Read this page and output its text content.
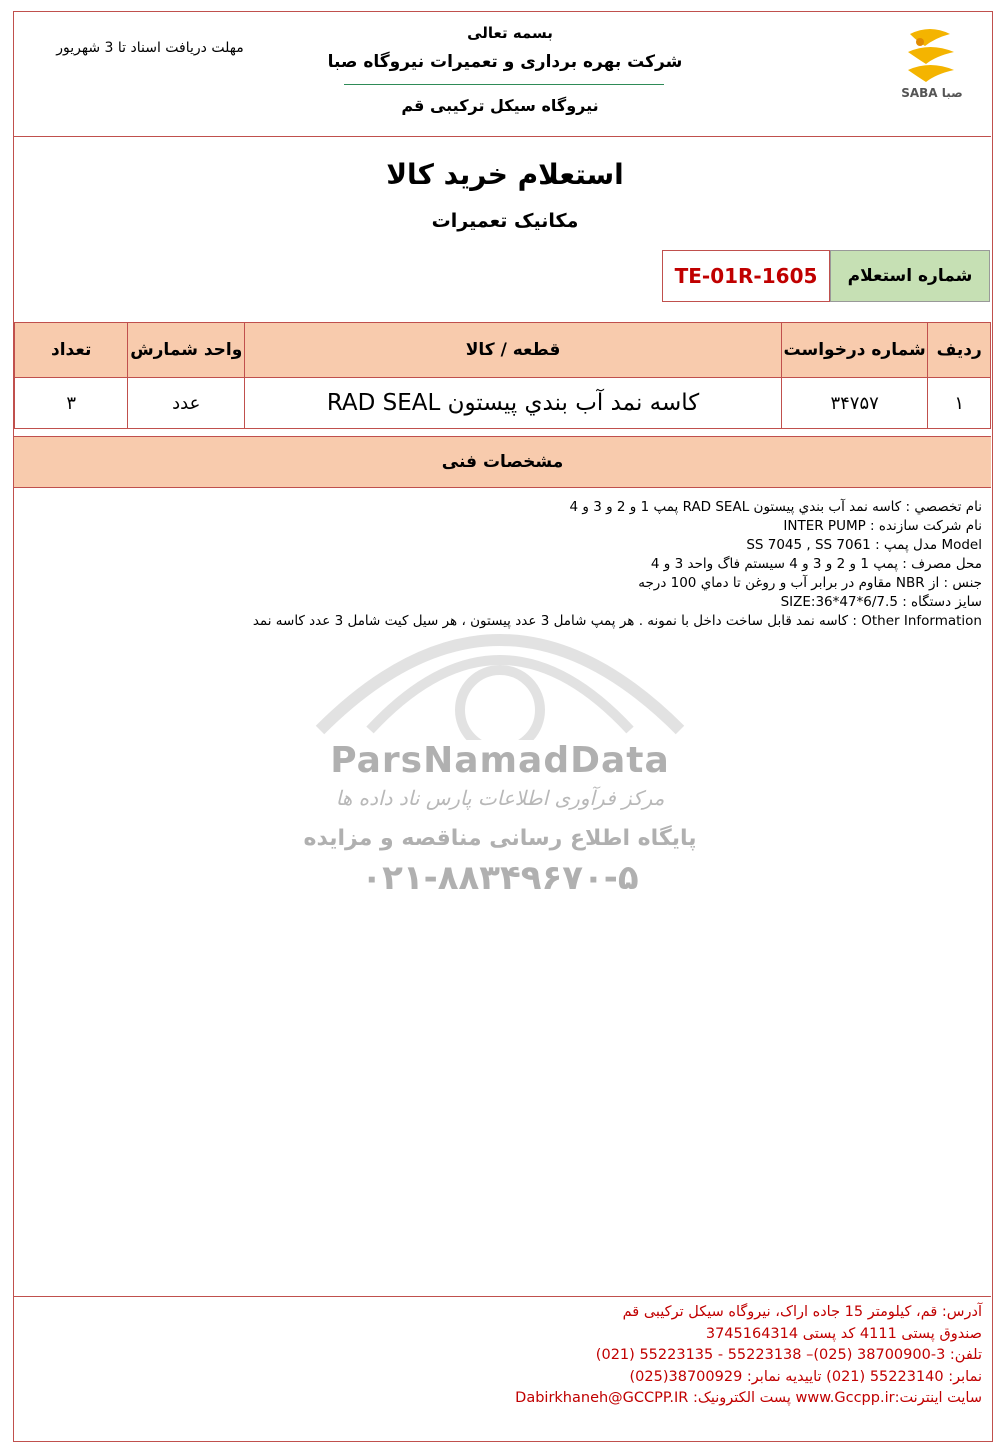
بسمه تعالی
شرکت بهره برداری و تعمیرات نیروگاه صبا
نیروگاه سیکل ترکیبی قم
مهلت دریافت اسناد تا 3 شهریور
SABA صبا
استعلام خرید کالا
مکانیک تعمیرات
شماره استعلام
TE-01R-1605
ردیف	شماره درخواست	قطعه / کالا	واحد شمارش	تعداد
۱	۳۴۷۵۷	کاسه نمد آب بندي پيستون RAD SEAL	عدد	۳
مشخصات فنی
ParsNamadData
مرکز فرآوری اطلاعات پارس ناد داده ها
پایگاه اطلاع رسانی مناقصه و مزایده
۰۲۱-۸۸۳۴۹۶۷۰-۵
نام تخصصي : کاسه نمد آب بندي پيستون RAD SEAL پمپ 1 و 2 و 3 و 4
نام شرکت سازنده : INTER PUMP
Model مدل پمپ : SS 7045 , SS 7061
محل مصرف : پمپ 1 و 2 و 3 و 4 سيستم فاگ واحد 3 و 4
جنس : از NBR مقاوم در برابر آب و روغن تا دماي 100 درجه
سايز دستگاه : SIZE:36*47*6/7.5
Other Information : کاسه نمد قابل ساخت داخل با نمونه . هر پمپ شامل 3 عدد پيستون ، هر سيل کيت شامل 3 عدد کاسه نمد
آدرس: قم، کیلومتر 15 جاده اراک، نیروگاه سیکل ترکیبی قم
صندوق پستی 4111 کد پستی 3745164314
تلفن: 3-38700900 (025)– 55223138 - 55223135 (021)
نمابر: 55223140 (021) تاییدیه نمابر: 38700929(025)
سایت اینترنت:www.Gccpp.ir پست الکترونیک: Dabirkhaneh@GCCPP.IR
